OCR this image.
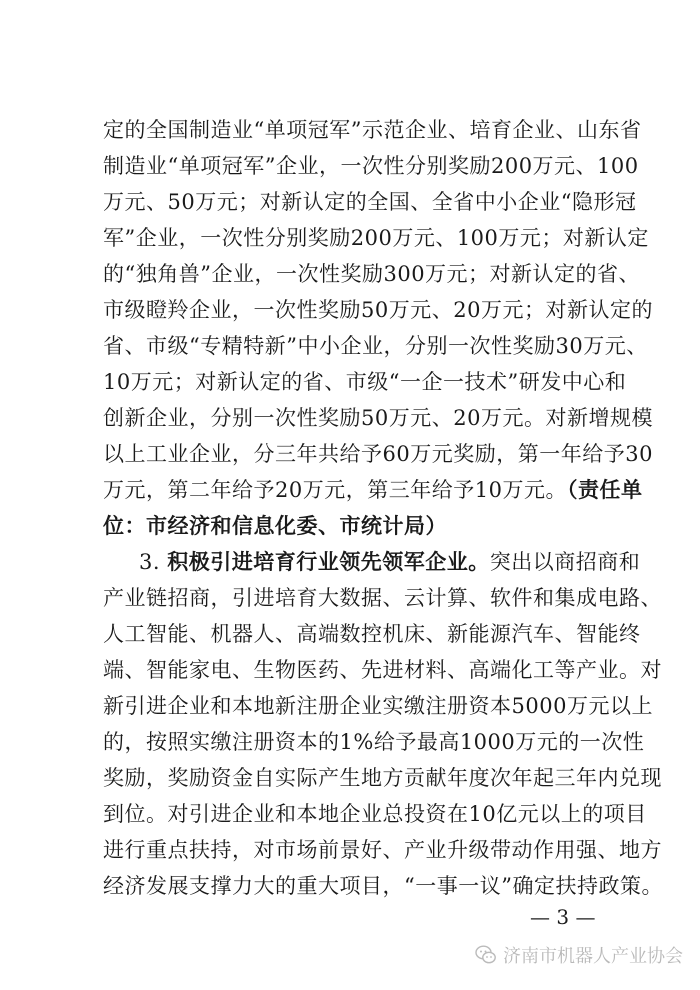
定的全国制造业“单项冠军”示范企业、培育企业、山东省
制造业“单项冠军”企业，一次性分别奖励200万元、100
万元、50万元；对新认定的全国、全省中小企业“隐形冠
军”企业，一次性分别奖励200万元、100万元；对新认定
的“独角兽”企业，一次性奖励300万元；对新认定的省、
市级瞪羚企业，一次性奖励50万元、20万元；对新认定的
省、市级“专精特新”中小企业，分别一次性奖励30万元、
10万元；对新认定的省、市级“一企一技术”研发中心和
创新企业，分别一次性奖励50万元、20万元。对新增规模
以上工业企业，分三年共给予60万元奖励，第一年给予30
万元，第二年给予20万元，第三年给予10万元。（责任单
位：市经济和信息化委、市统计局）
3. 积极引进培育行业领先领军企业。突出以商招商和
产业链招商，引进培育大数据、云计算、软件和集成电路、
人工智能、机器人、高端数控机床、新能源汽车、智能终
端、智能家电、生物医药、先进材料、高端化工等产业。对
新引进企业和本地新注册企业实缴注册资本5000万元以上
的，按照实缴注册资本的1%给予最高1000万元的一次性
奖励，奖励资金自实际产生地方贡献年度次年起三年内兑现
到位。对引进企业和本地企业总投资在10亿元以上的项目
进行重点扶持，对市场前景好、产业升级带动作用强、地方
经济发展支撑力大的重大项目，“一事一议”确定扶持政策。
— 3 —
济南市机器人产业协会
